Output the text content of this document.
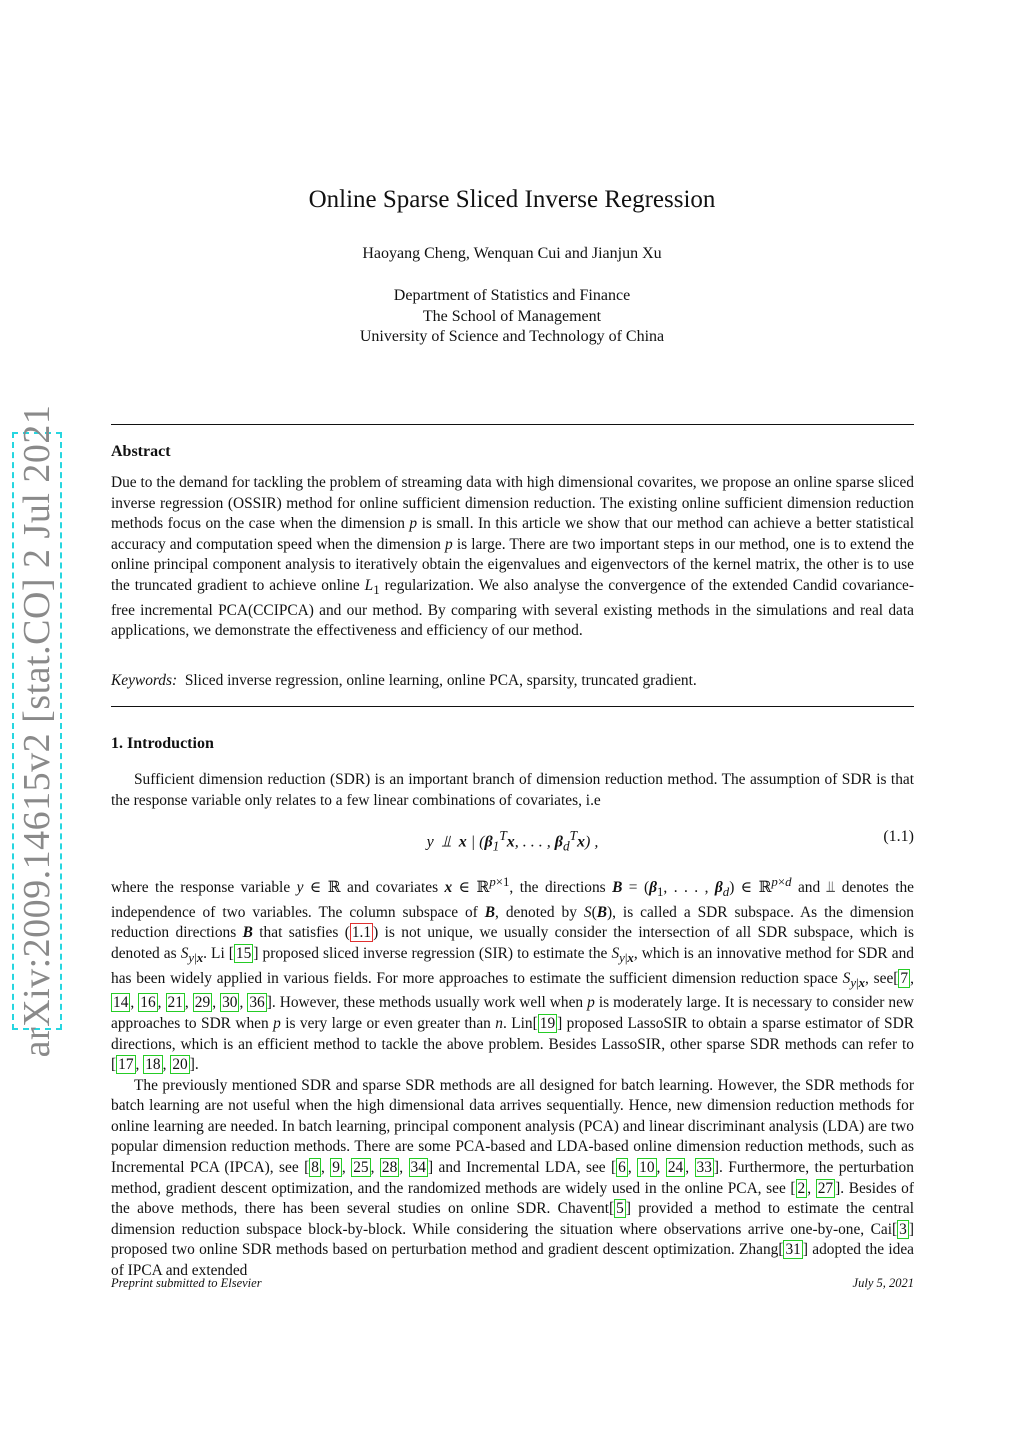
arXiv:2009.14615v2 [stat.CO] 2 Jul 2021
Online Sparse Sliced Inverse Regression
Haoyang Cheng, Wenquan Cui and Jianjun Xu
Department of Statistics and Finance
The School of Management
University of Science and Technology of China
Abstract

Due to the demand for tackling the problem of streaming data with high dimensional covarites, we propose an online sparse sliced inverse regression (OSSIR) method for online sufficient dimension reduction. The existing online sufficient dimension reduction methods focus on the case when the dimension p is small. In this article we show that our method can achieve a better statistical accuracy and computation speed when the dimension p is large. There are two important steps in our method, one is to extend the online principal component analysis to iteratively obtain the eigenvalues and eigenvectors of the kernel matrix, the other is to use the truncated gradient to achieve online $L_1$ regularization. We also analyse the convergence of the extended Candid covariance-free incremental PCA(CCIPCA) and our method. By comparing with several existing methods in the simulations and real data applications, we demonstrate the effectiveness and efficiency of our method.

Keywords: Sliced inverse regression, online learning, online PCA, sparsity, truncated gradient.
1. Introduction

Sufficient dimension reduction (SDR) is an important branch of dimension reduction method. The assumption of SDR is that the response variable only relates to a few linear combinations of covariates, i.e

y  ⫫  x | ($\beta_1^Tx$, . . . , $\beta_d^Tx$) ,	(1.1)

where the response variable y ∈ ℝ and covariates x ∈ ℝ$^{p\times 1}$, the directions $B = (\beta_1$, . . . , $\beta_d$) ∈ ℝ$^{p\times d}$ and ⫫ denotes the independence of two variables. The column subspace of B, denoted by S(B), is called a SDR subspace. As the dimension reduction directions B that satisfies ( 1.1 ) is not unique, we usually consider the intersection of all SDR subspace, which is denoted as $S_{y|x}$. Li [ 15 ] proposed sliced inverse regression (SIR) to estimate the $S_{y|x}$, which is an innovative method for SDR and has been widely applied in various fields. For more approaches to estimate the sufficient dimension reduction space $S_{y|x}$, see[ 7 , 14 , 16 , 21 , 29 , 30 , 36 ]. However, these methods usually work well when p is moderately large. It is necessary to consider new approaches to SDR when p is very large or even greater than n. Lin[ 19 ] proposed LassoSIR to obtain a sparse estimator of SDR directions, which is an efficient method to tackle the above problem. Besides LassoSIR, other sparse SDR methods can refer to [ 17 , 18 , 20 ].

The previously mentioned SDR and sparse SDR methods are all designed for batch learning. However, the SDR methods for batch learning are not useful when the high dimensional data arrives sequentially. Hence, new dimension reduction methods for online learning are needed. In batch learning, principal component analysis (PCA) and linear discriminant analysis (LDA) are two popular dimension reduction methods. There are some PCA-based and LDA-based online dimension reduction methods, such as Incremental PCA (IPCA), see [ 8 , 9 , 25 , 28 , 34 ] and Incremental LDA, see [ 6 , 10 , 24 , 33 ]. Furthermore, the perturbation method, gradient descent optimization, and the randomized methods are widely used in the online PCA, see [ 2 , 27 ]. Besides of the above methods, there has been several studies on online SDR. Chavent[ 5 ] provided a method to estimate the central dimension reduction subspace block-by-block. While considering the situation where observations arrive one-by-one, Cai[ 3 ] proposed two online SDR methods based on perturbation method and gradient descent optimization. Zhang[ 31 ] adopted the idea of IPCA and extended

Preprint submitted to Elsevier	July 5, 2021
